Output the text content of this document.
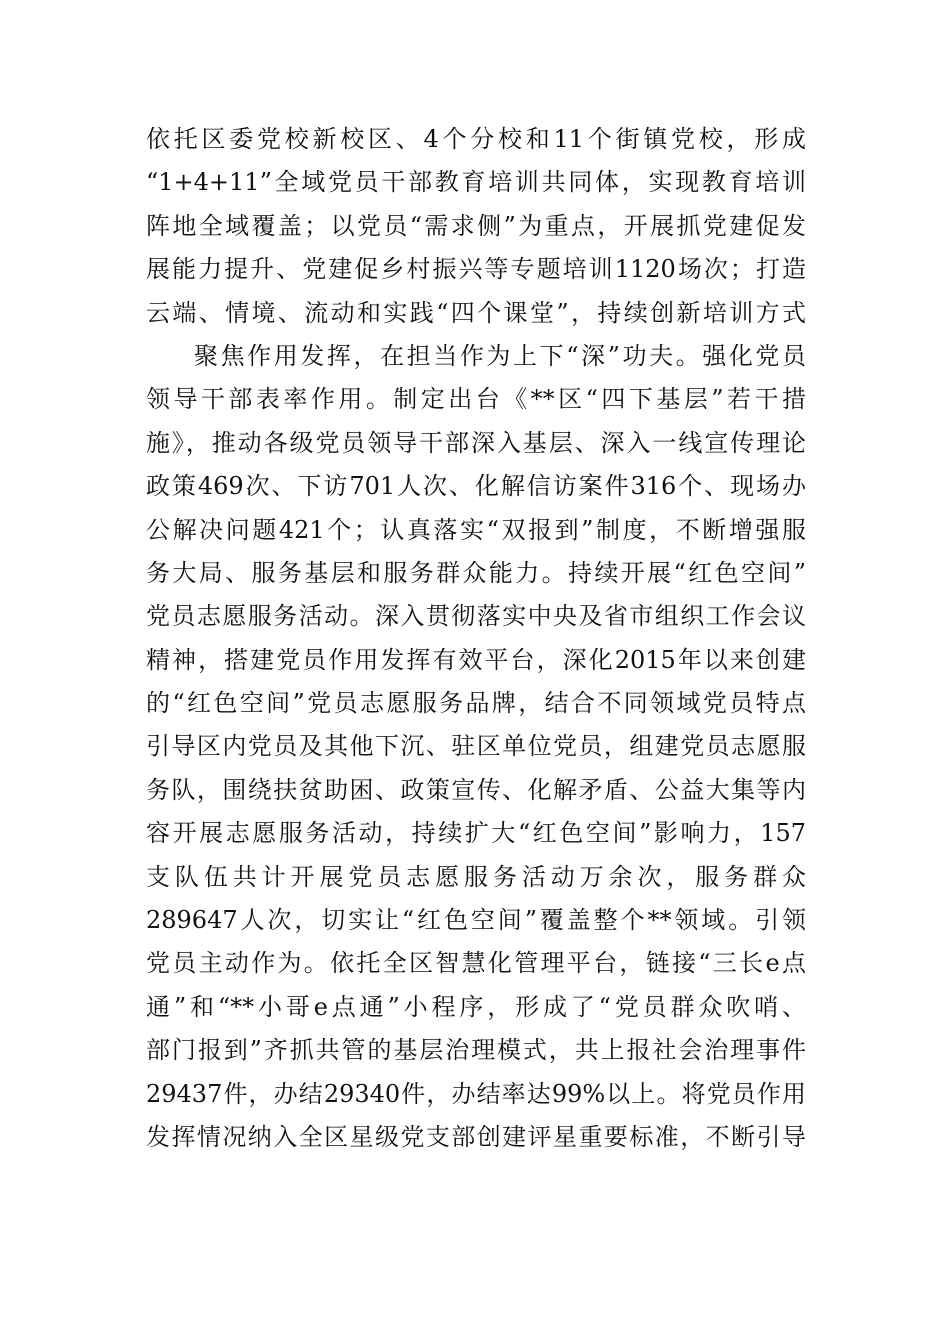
依托区委党校新校区、4个分校和11个街镇党校，形成
“1+4+11”全域党员干部教育培训共同体，实现教育培训
阵地全域覆盖；以党员“需求侧”为重点，开展抓党建促发
展能力提升、党建促乡村振兴等专题培训1120场次；打造
云端、情境、流动和实践“四个课堂”，持续创新培训方式
聚焦作用发挥，在担当作为上下“深”功夫。强化党员
领导干部表率作用。制定出台《**区“四下基层”若干措
施》，推动各级党员领导干部深入基层、深入一线宣传理论
政策469次、下访701人次、化解信访案件316个、现场办
公解决问题421个；认真落实“双报到”制度，不断增强服
务大局、服务基层和服务群众能力。持续开展“红色空间”
党员志愿服务活动。深入贯彻落实中央及省市组织工作会议
精神，搭建党员作用发挥有效平台，深化2015年以来创建
的“红色空间”党员志愿服务品牌，结合不同领域党员特点
引导区内党员及其他下沉、驻区单位党员，组建党员志愿服
务队，围绕扶贫助困、政策宣传、化解矛盾、公益大集等内
容开展志愿服务活动，持续扩大“红色空间”影响力，157
支队伍共计开展党员志愿服务活动万余次，服务群众
289647人次，切实让“红色空间”覆盖整个**领域。引领
党员主动作为。依托全区智慧化管理平台，链接“三长e点
通”和“**小哥e点通”小程序，形成了“党员群众吹哨、
部门报到”齐抓共管的基层治理模式，共上报社会治理事件
29437件，办结29340件，办结率达99%以上。将党员作用
发挥情况纳入全区星级党支部创建评星重要标准，不断引导
